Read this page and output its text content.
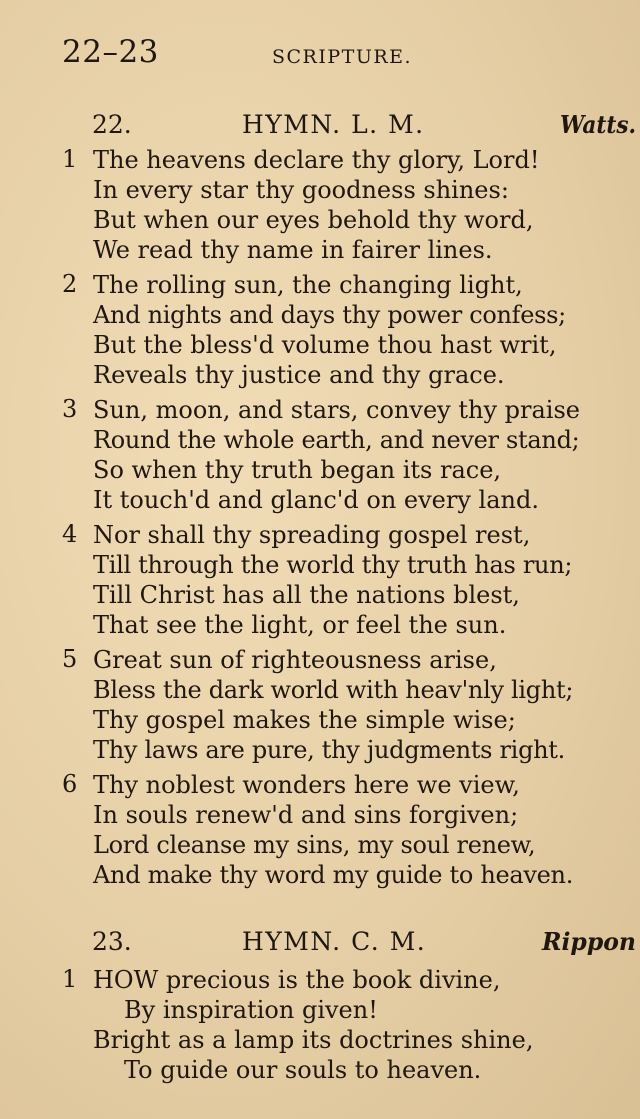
22–23	SCRIPTURE.
22.	HYMN. L. M.	Watts.
1 The heavens declare thy glory, Lord!
In every star thy goodness shines:
But when our eyes behold thy word,
We read thy name in fairer lines.
2 The rolling sun, the changing light,
And nights and days thy power confess;
But the bless'd volume thou hast writ,
Reveals thy justice and thy grace.
3 Sun, moon, and stars, convey thy praise
Round the whole earth, and never stand;
So when thy truth began its race,
It touch'd and glanc'd on every land.
4 Nor shall thy spreading gospel rest,
Till through the world thy truth has run;
Till Christ has all the nations blest,
That see the light, or feel the sun.
5 Great sun of righteousness arise,
Bless the dark world with heav'nly light;
Thy gospel makes the simple wise;
Thy laws are pure, thy judgments right.
6 Thy noblest wonders here we view,
In souls renew'd and sins forgiven;
Lord cleanse my sins, my soul renew,
And make thy word my guide to heaven.
23.	HYMN. C. M.	Rippon
1 HOW precious is the book divine,
By inspiration given!
Bright as a lamp its doctrines shine,
To guide our souls to heaven.
